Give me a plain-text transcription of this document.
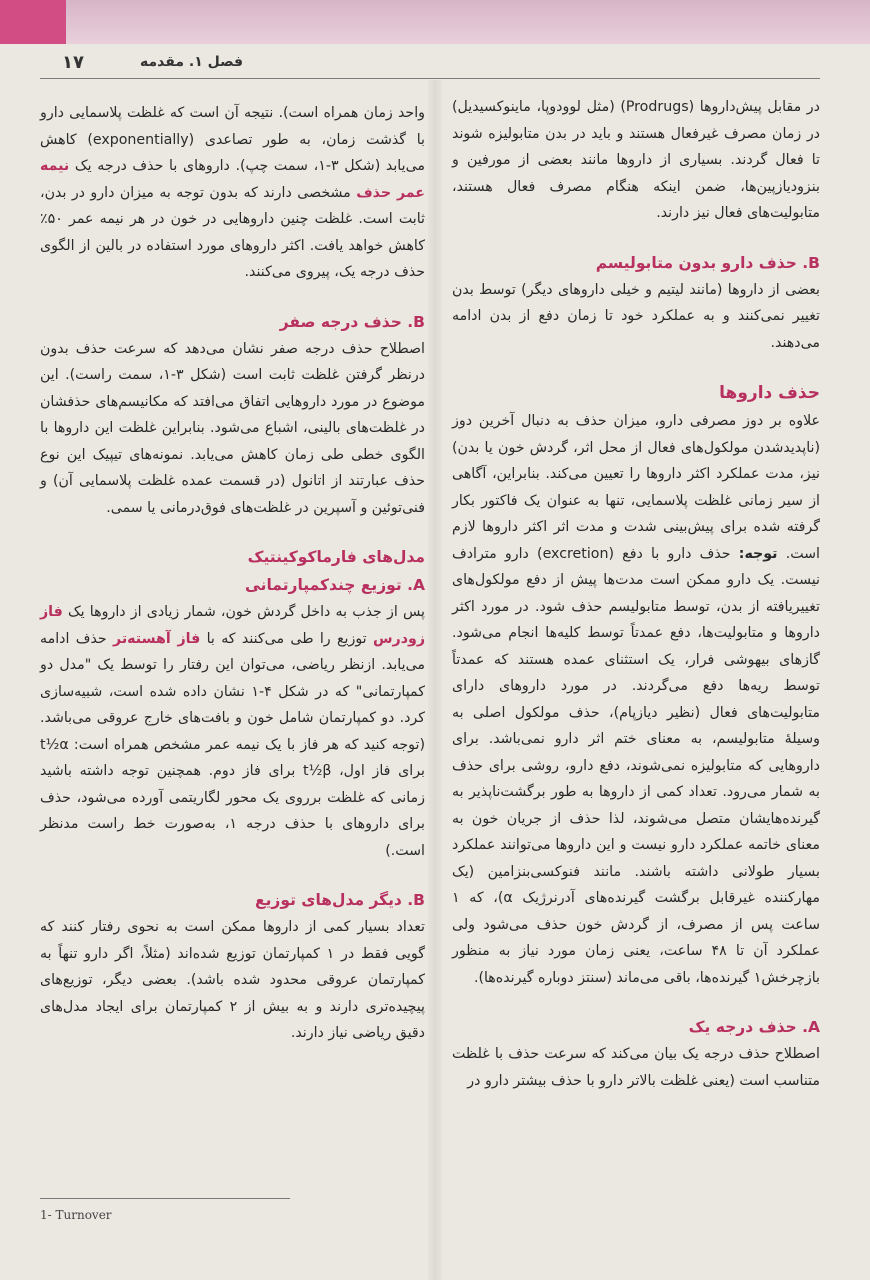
۱۷	فصل ۱. مقدمه

در مقابل پیش‌داروها (Prodrugs) (مثل لوودوپا، ماینوکسیدیل) در زمان مصرف غیرفعال هستند و باید در بدن متابولیزه شوند تا فعال گردند. بسیاری از داروها مانند بعضی از مورفین و بنزودیازپین‌ها، ضمن اینکه هنگام مصرف فعال هستند، متابولیت‌های فعال نیز دارند.

B. حذف دارو بدون متابولیسم

بعضی از داروها (مانند لیتیم و خیلی داروهای دیگر) توسط بدن تغییر نمی‌کنند و به عملکرد خود تا زمان دفع از بدن ادامه می‌دهند.

حذف داروها

علاوه بر دوز مصرفی دارو، میزان حذف به دنبال آخرین دوز (ناپدیدشدن مولکول‌های فعال از محل اثر، گردش خون یا بدن) نیز، مدت عملکرد اکثر داروها را تعیین می‌کند. بنابراین، آگاهی از سیر زمانی غلظت پلاسمایی، تنها به عنوان یک فاکتور بکار گرفته شده برای پیش‌بینی شدت و مدت اثر اکثر داروها لازم است. توجه: حذف دارو با دفع (excretion) دارو مترادف نیست. یک دارو ممکن است مدت‌ها پیش از دفع مولکول‌های تغییریافته از بدن، توسط متابولیسم حذف شود. در مورد اکثر داروها و متابولیت‌ها، دفع عمدتاً توسط کلیه‌ها انجام می‌شود. گازهای بیهوشی فرار، یک استثنای عمده هستند که عمدتاً توسط ریه‌ها دفع می‌گردند. در مورد داروهای دارای متابولیت‌های فعال (نظیر دیازپام)، حذف مولکول اصلی به وسیلهٔ متابولیسم، به معنای ختم اثر دارو نمی‌باشد. برای داروهایی که متابولیزه نمی‌شوند، دفع دارو، روشی برای حذف به شمار می‌رود. تعداد کمی از داروها به طور برگشت‌ناپذیر به گیرنده‌هایشان متصل می‌شوند، لذا حذف از جریان خون به معنای خاتمه عملکرد دارو نیست و این داروها می‌توانند عملکرد بسیار طولانی داشته باشند. مانند فنوکسی‌بنزامین (یک مهارکننده غیرقابل برگشت گیرنده‌های آدرنرژیک α)، که ۱ ساعت پس از مصرف، از گردش خون حذف می‌شود ولی عملکرد آن تا ۴۸ ساعت، یعنی زمان مورد نیاز به منظور بازچرخش۱ گیرنده‌ها، باقی می‌ماند (سنتز دوباره گیرنده‌ها).

A. حذف درجه یک

اصطلاح حذف درجه یک بیان می‌کند که سرعت حذف با غلظت متناسب است (یعنی غلظت بالاتر دارو با حذف بیشتر دارو در

واحد زمان همراه است). نتیجه آن است که غلظت پلاسمایی دارو با گذشت زمان، به طور تصاعدی (exponentially) کاهش می‌یابد (شکل ۳-۱، سمت چپ). داروهای با حذف درجه یک نیمه عمر حذف مشخصی دارند که بدون توجه به میزان دارو در بدن، ثابت است. غلظت چنین داروهایی در خون در هر نیمه عمر ۵۰٪ کاهش خواهد یافت. اکثر داروهای مورد استفاده در بالین از الگوی حذف درجه یک، پیروی می‌کنند.

B. حذف درجه صفر

اصطلاح حذف درجه صفر نشان می‌دهد که سرعت حذف بدون درنظر گرفتن غلظت ثابت است (شکل ۳-۱، سمت راست). این موضوع در مورد داروهایی اتفاق می‌افتد که مکانیسم‌های حذفشان در غلظت‌های بالینی، اشباع می‌شود. بنابراین غلظت این داروها با الگوی خطی طی زمان کاهش می‌یابد. نمونه‌های تیپیک این نوع حذف عبارتند از اتانول (در قسمت عمده غلظت پلاسمایی آن) و فنی‌توئین و آسپرین در غلظت‌های فوق‌درمانی یا سمی.

مدل‌های فارماکوکینتیک

A. توزیع چندکمپارتمانی

پس از جذب به داخل گردش خون، شمار زیادی از داروها یک فاز زودرس توزیع را طی می‌کنند که با فاز آهسته‌تر حذف ادامه می‌یابد. ازنظر ریاضی، می‌توان این رفتار را توسط یک "مدل دو کمپارتمانی" که در شکل ۴-۱ نشان داده شده است، شبیه‌سازی کرد. دو کمپارتمان شامل خون و بافت‌های خارج عروقی می‌باشد. (توجه کنید که هر فاز با یک نیمه عمر مشخص همراه است: t½α برای فاز اول، t½β برای فاز دوم. همچنین توجه داشته باشید زمانی که غلظت برروی یک محور لگاریتمی آورده می‌شود، حذف برای داروهای با حذف درجه ۱، به‌صورت خط راست مدنظر است.)

B. دیگر مدل‌های توزیع

تعداد بسیار کمی از داروها ممکن است به نحوی رفتار کنند که گویی فقط در ۱ کمپارتمان توزیع شده‌اند (مثلاً، اگر دارو تنهاً به کمپارتمان عروقی محدود شده باشد). بعضی دیگر، توزیع‌های پیچیده‌تری دارند و به بیش از ۲ کمپارتمان برای ایجاد مدل‌های دقیق ریاضی نیاز دارند.

1- Turnover
